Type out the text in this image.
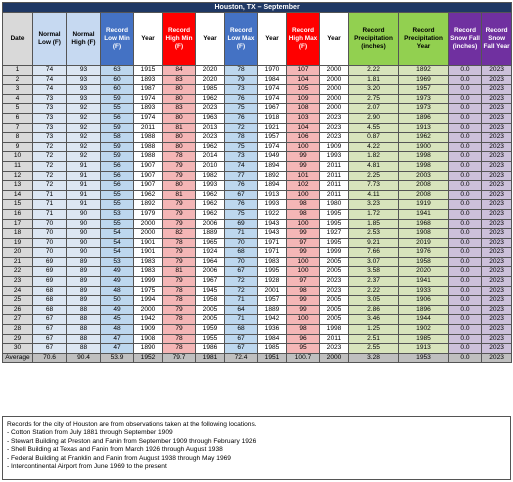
Houston, TX – September														
Date	Normal Low (F)	Normal High (F)	Record Low Min (F)	Year	Record High Min (F)	Year	Record Low Max (F)	Year	Record High Max (F)	Year	Record Precipitation (inches)	Record Precipitation Year	Record Snow Fall (inches)	Record Snow Fall Year
1	74	93	63	1915	84	2020	78	1970	107	2000	2.22	1892	0.0	2023
2	74	93	60	1893	83	2020	79	1984	104	2000	1.81	1969	0.0	2023
3	74	93	60	1987	80	1985	73	1974	105	2000	3.20	1957	0.0	2023
4	73	93	59	1974	80	1962	76	1974	109	2000	2.75	1973	0.0	2023
5	73	92	55	1893	83	2023	75	1967	108	2000	2.07	1973	0.0	2023
6	73	92	56	1974	80	1963	76	1918	103	2023	2.90	1896	0.0	2023
7	73	92	59	2011	81	2013	72	1921	104	2023	4.55	1913	0.0	2023
8	73	92	58	1988	80	2023	78	1957	106	2023	0.87	1962	0.0	2023
9	72	92	59	1988	80	1962	75	1974	100	1909	4.22	1900	0.0	2023
10	72	92	59	1988	78	2014	73	1949	99	1993	1.82	1998	0.0	2023
11	72	91	56	1907	79	2010	74	1894	99	2011	4.81	1998	0.0	2023
12	72	91	56	1907	79	1982	77	1892	101	2011	2.25	2003	0.0	2023
13	72	91	56	1907	80	1993	76	1894	102	2011	7.73	2008	0.0	2023
14	71	91	55	1962	81	1962	67	1913	100	2011	4.11	2008	0.0	2023
15	71	91	55	1892	79	1962	76	1993	98	1980	3.23	1919	0.0	2023
16	71	90	53	1979	79	1962	75	1922	98	1995	1.72	1941	0.0	2023
17	70	90	55	2000	79	2006	69	1943	100	1995	1.85	1968	0.0	2023
18	70	90	54	2000	82	1889	71	1943	99	1927	2.53	1908	0.0	2023
19	70	90	54	1901	78	1965	70	1971	97	1995	9.21	2019	0.0	2023
20	70	90	54	1901	79	1924	68	1971	99	1999	7.66	1976	0.0	2023
21	69	89	53	1983	79	1964	70	1983	100	2005	3.07	1958	0.0	2023
22	69	89	49	1983	81	2006	67	1995	100	2005	3.58	2020	0.0	2023
23	69	89	49	1999	79	1967	72	1928	97	2023	2.37	1941	0.0	2023
24	68	89	48	1975	78	1945	72	2001	98	2023	2.22	1933	0.0	2023
25	68	89	50	1994	78	1958	71	1957	99	2005	3.05	1906	0.0	2023
26	68	88	49	2000	79	2005	64	1889	99	2005	2.86	1896	0.0	2023
27	67	88	45	1942	78	2005	71	1942	100	2005	3.46	1944	0.0	2023
28	67	88	48	1909	79	1959	68	1936	98	1998	1.25	1902	0.0	2023
29	67	88	47	1908	78	1955	67	1984	96	2011	2.51	1985	0.0	2023
30	67	88	47	1890	78	1986	67	1985	95	2023	2.55	1913	0.0	2023
Average	70.6	90.4	53.9	1952	79.7	1981	72.4	1951	100.7	2000	3.28	1953	0.0	2023
Records for the city of Houston are from observations taken at the following locations.
- Cotton Station from July 1881 through September 1909
- Stewart Building at Preston and Fanin from September 1909 through February 1926
- Shell Building at Texas and Fanin from March 1926 through August 1938
- Federal Building at Franklin and Fanin from August 1938 through May 1969
- Intercontinental Airport from June 1969 to the present
